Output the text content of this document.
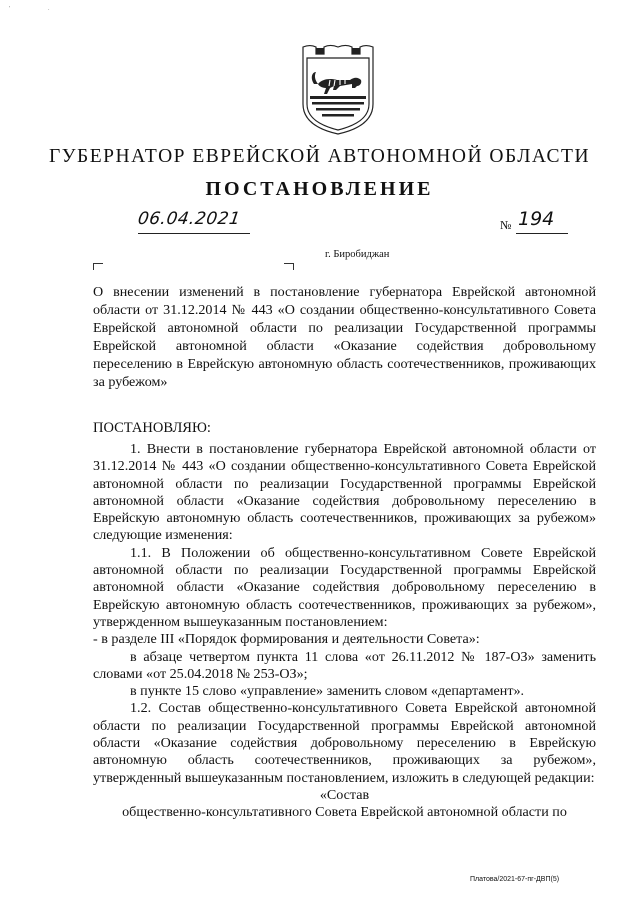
'	.
ГУБЕРНАТОР ЕВРЕЙСКОЙ АВТОНОМНОЙ ОБЛАСТИ
ПОСТАНОВЛЕНИЕ
06.04.2021	№ 194
г. Биробиджан
О внесении изменений в постановление губернатора Еврейской автономной области от 31.12.2014 № 443 «О создании общественно-консультативного Совета Еврейской автономной области по реализации Государственной программы Еврейской автономной области «Оказание содействия добровольному переселению в Еврейскую автономную область соотечественников, проживающих за рубежом»
ПОСТАНОВЛЯЮ:

1. Внести в постановление губернатора Еврейской автономной области от 31.12.2014 № 443 «О создании общественно-консультативного Совета Еврейской автономной области по реализации Государственной программы Еврейской автономной области «Оказание содействия добровольному переселению в Еврейскую автономную область соотечественников, проживающих за рубежом» следующие изменения:

1.1. В Положении об общественно-консультативном Совете Еврейской автономной области по реализации Государственной программы Еврейской автономной области «Оказание содействия добровольному переселению в Еврейскую автономную область соотечественников, проживающих за рубежом», утвержденном вышеуказанным постановлением:

- в разделе III «Порядок формирования и деятельности Совета»:

в абзаце четвертом пункта 11 слова «от 26.11.2012 № 187-ОЗ» заменить словами «от 25.04.2018 № 253-ОЗ»;

в пункте 15 слово «управление» заменить словом «департамент».

1.2. Состав общественно-консультативного Совета Еврейской автономной области по реализации Государственной программы Еврейской автономной области «Оказание содействия добровольному переселению в Еврейскую автономную область соотечественников, проживающих за рубежом», утвержденный вышеуказанным постановлением, изложить в следующей редакции:

«Состав

общественно-консультативного Совета Еврейской автономной области по

Платова/2021-67-пг-ДВП(5)
